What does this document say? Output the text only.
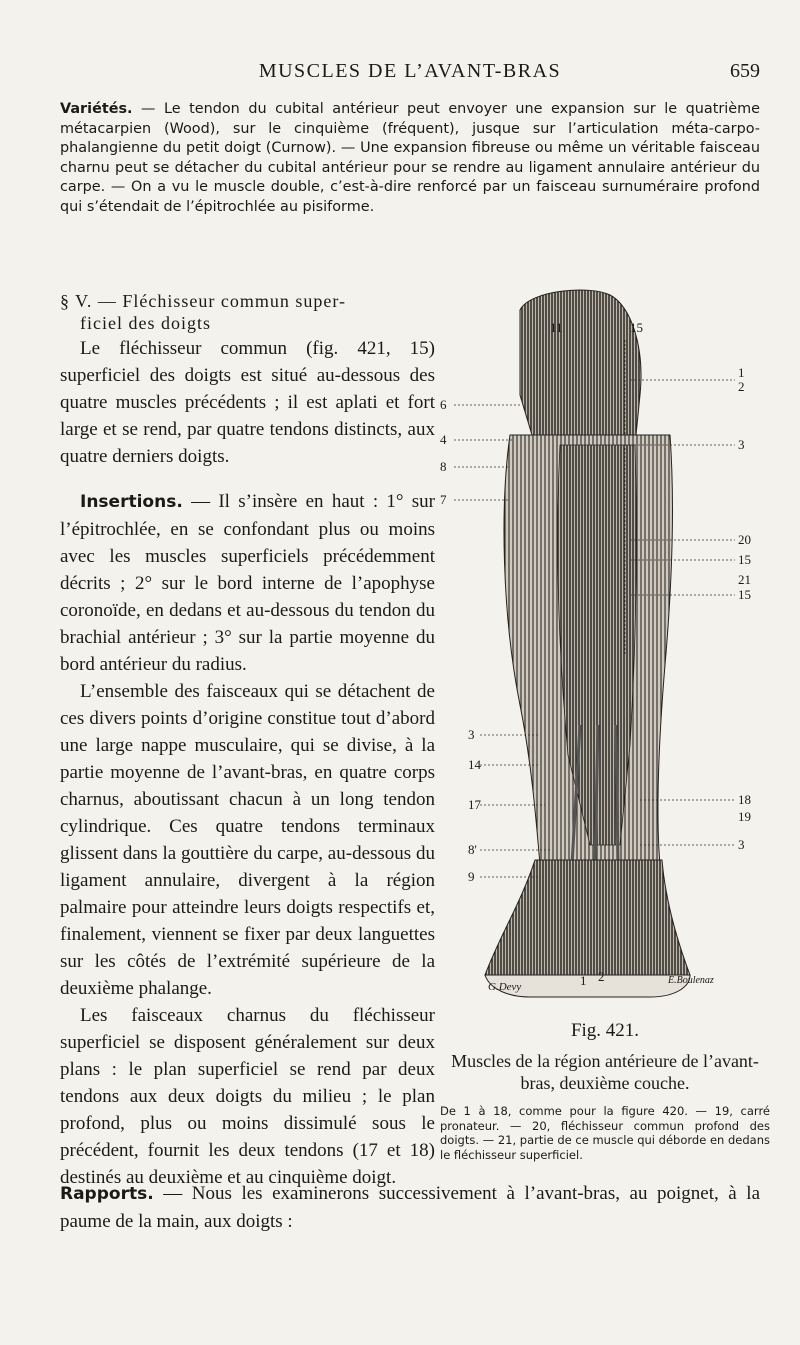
MUSCLES DE L’AVANT-BRAS	659
Variétés. — Le tendon du cubital antérieur peut envoyer une expansion sur le quatrième métacarpien (Wood), sur le cinquième (fréquent), jusque sur l’articulation méta-carpo-phalangienne du petit doigt (Curnow). — Une expansion fibreuse ou même un véritable faisceau charnu peut se détacher du cubital antérieur pour se rendre au ligament annulaire antérieur du carpe. — On a vu le muscle double, c’est-à-dire renforcé par un faisceau surnuméraire profond qui s’étendait de l’épitrochlée au pisiforme.
§ V. — Fléchisseur commun super-
ficiel des doigts

Le fléchisseur commun (fig. 421, 15) superficiel des doigts est situé au-dessous des quatre muscles précédents ; il est aplati et fort large et se rend, par quatre tendons distincts, aux quatre derniers doigts.

Insertions. — Il s’insère en haut : 1° sur l’épitrochlée, en se confondant plus ou moins avec les muscles superficiels précédemment décrits ; 2° sur le bord interne de l’apophyse coronoïde, en dedans et au-dessous du tendon du brachial antérieur ; 3° sur la partie moyenne du bord antérieur du radius.

L’ensemble des faisceaux qui se détachent de ces divers points d’origine constitue tout d’abord une large nappe musculaire, qui se divise, à la partie moyenne de l’avant-bras, en quatre corps charnus, aboutissant chacun à un long tendon cylindrique. Ces quatre tendons terminaux glissent dans la gouttière du carpe, au-dessous du ligament annulaire, divergent à la région palmaire pour atteindre leurs doigts respectifs et, finalement, viennent se fixer par deux languettes sur les côtés de l’extrémité supérieure de la deuxième phalange.

Les faisceaux charnus du fléchisseur superficiel se disposent généralement sur deux plans : le plan superficiel se rend par deux tendons aux deux doigts du milieu ; le plan profond, plus ou moins dissimulé sous le précédent, fournit les deux tendons (17 et 18) destinés au deuxième et au cinquième doigt.

6
4
8
7
3
14
17
8'
9
11	15
1
2
3
20
15
21
15
18
19
3
1 2
G.Devy
E.Boulenaz
Fig. 421.
Muscles de la région antérieure de l’avant-bras, deuxième couche.
De 1 à 18, comme pour la figure 420. — 19, carré pronateur. — 20, fléchisseur commun profond des doigts. — 21, partie de ce muscle qui déborde en dedans le fléchisseur superficiel.
Rapports. — Nous les examinerons successivement à l’avant-bras, au poignet, à la paume de la main, aux doigts :
